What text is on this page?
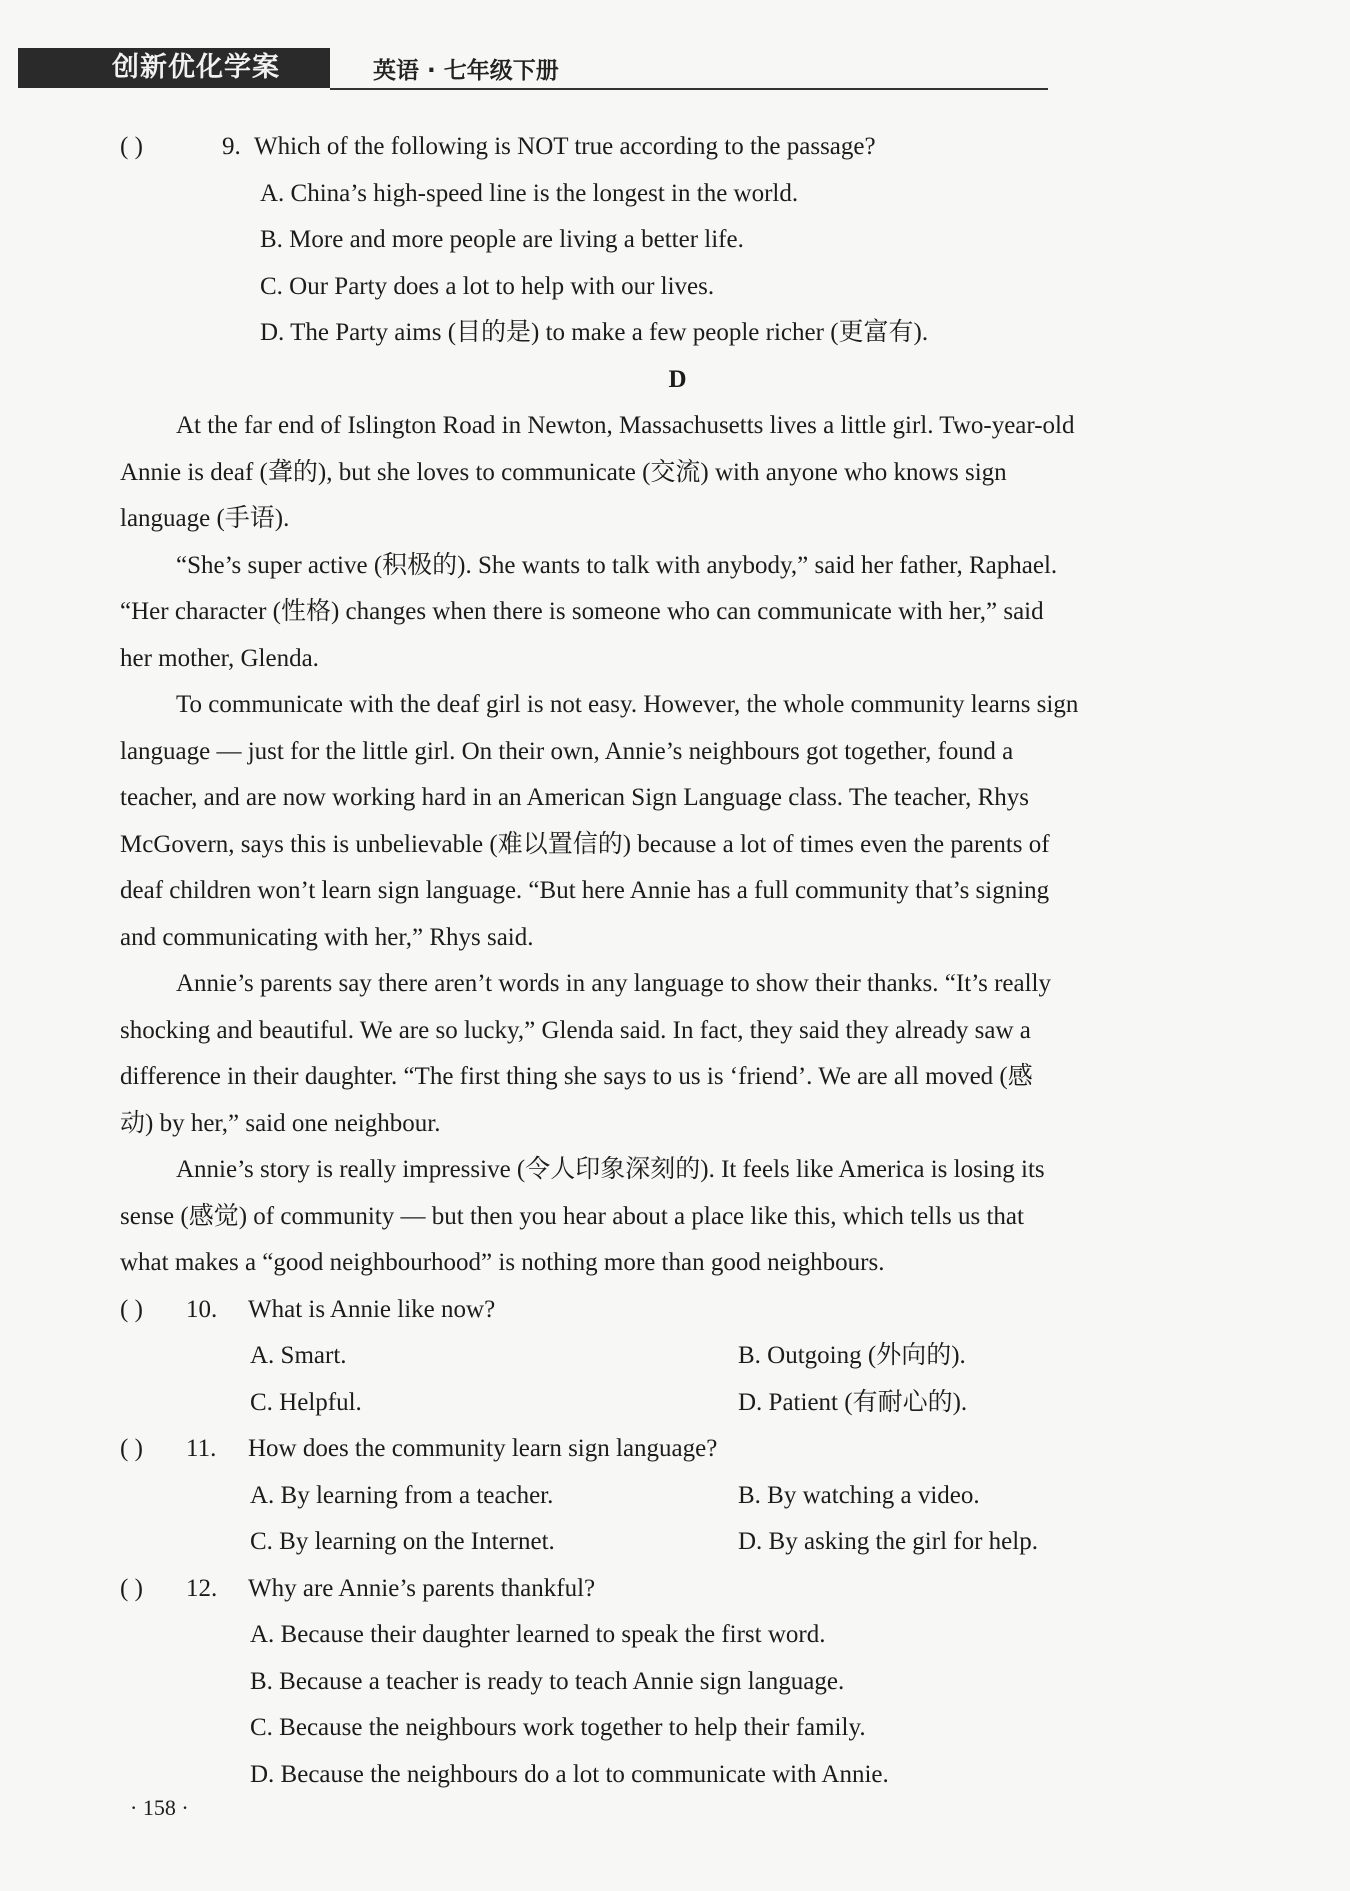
创新优化学案	英语 · 七年级下册
( )	9. Which of the following is NOT true according to the passage?
A. China’s high-speed line is the longest in the world.
B. More and more people are living a better life.
C. Our Party does a lot to help with our lives.
D. The Party aims (目的是) to make a few people richer (更富有).
D
At the far end of Islington Road in Newton, Massachusetts lives a little girl. Two-year-old
Annie is deaf (聋的), but she loves to communicate (交流) with anyone who knows sign
language (手语).
“She’s super active (积极的). She wants to talk with anybody,” said her father, Raphael.
“Her character (性格) changes when there is someone who can communicate with her,” said
her mother, Glenda.
To communicate with the deaf girl is not easy. However, the whole community learns sign
language — just for the little girl. On their own, Annie’s neighbours got together, found a
teacher, and are now working hard in an American Sign Language class. The teacher, Rhys
McGovern, says this is unbelievable (难以置信的) because a lot of times even the parents of
deaf children won’t learn sign language. “But here Annie has a full community that’s signing
and communicating with her,” Rhys said.
Annie’s parents say there aren’t words in any language to show their thanks. “It’s really
shocking and beautiful. We are so lucky,” Glenda said. In fact, they said they already saw a
difference in their daughter. “The first thing she says to us is ‘friend’. We are all moved (感
动) by her,” said one neighbour.
Annie’s story is really impressive (令人印象深刻的). It feels like America is losing its
sense (感觉) of community — but then you hear about a place like this, which tells us that
what makes a “good neighbourhood” is nothing more than good neighbours.
( ) 10. What is Annie like now?
A. Smart.	B. Outgoing (外向的).
C. Helpful.	D. Patient (有耐心的).
( ) 11. How does the community learn sign language?
A. By learning from a teacher.	B. By watching a video.
C. By learning on the Internet.	D. By asking the girl for help.
( ) 12. Why are Annie’s parents thankful?
A. Because their daughter learned to speak the first word.
B. Because a teacher is ready to teach Annie sign language.
C. Because the neighbours work together to help their family.
D. Because the neighbours do a lot to communicate with Annie.
· 158 ·
